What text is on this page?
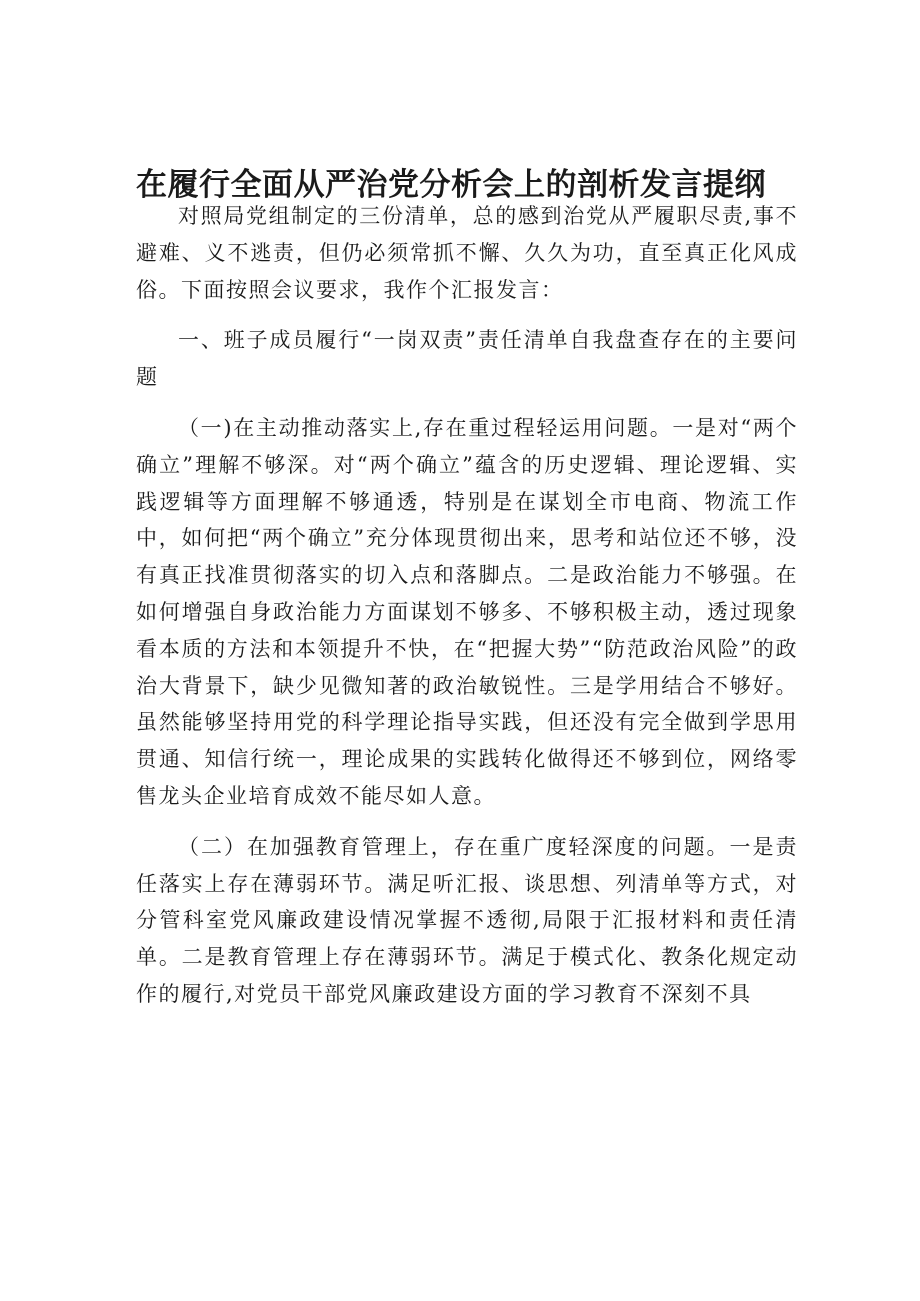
在履行全面从严治党分析会上的剖析发言提纲

对照局党组制定的三份清单，总的感到治党从严履职尽责,事不避难、义不逃责，但仍必须常抓不懈、久久为功，直至真正化风成俗。下面按照会议要求，我作个汇报发言：

一、班子成员履行“一岗双责”责任清单自我盘查存在的主要问题

（一)在主动推动落实上,存在重过程轻运用问题。一是对“两个确立”理解不够深。对“两个确立”蕴含的历史逻辑、理论逻辑、实践逻辑等方面理解不够通透，特别是在谋划全市电商、物流工作中，如何把“两个确立”充分体现贯彻出来，思考和站位还不够，没有真正找准贯彻落实的切入点和落脚点。二是政治能力不够强。在如何增强自身政治能力方面谋划不够多、不够积极主动，透过现象看本质的方法和本领提升不快，在“把握大势”“防范政治风险”的政治大背景下，缺少见微知著的政治敏锐性。三是学用结合不够好。虽然能够坚持用党的科学理论指导实践，但还没有完全做到学思用贯通、知信行统一，理论成果的实践转化做得还不够到位，网络零售龙头企业培育成效不能尽如人意。

（二）在加强教育管理上，存在重广度轻深度的问题。一是责任落实上存在薄弱环节。满足听汇报、谈思想、列清单等方式，对分管科室党风廉政建设情况掌握不透彻,局限于汇报材料和责任清单。二是教育管理上存在薄弱环节。满足于模式化、教条化规定动作的履行,对党员干部党风廉政建设方面的学习教育不深刻不具
